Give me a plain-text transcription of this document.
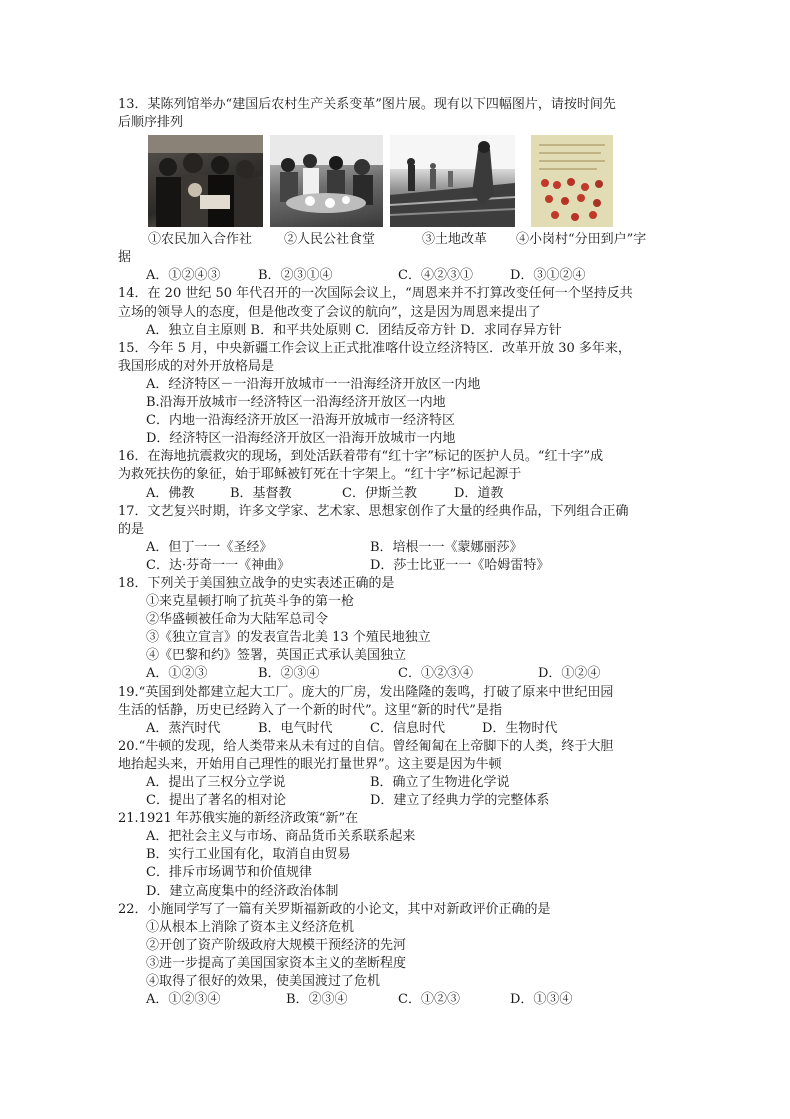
13．某陈列馆举办“建国后农村生产关系变革”图片展。现有以下四幅图片，请按时间先
后顺序排列
①农民加入合作社 ②人民公社食堂	③土地改革 ④小岗村“分田到户”字
据
A．①②④③	B．②③①④	C．④②③①	D．③①②④
14．在 20 世纪 50 年代召开的一次国际会议上，“周恩来并不打算改变任何一个坚持反共
立场的领导人的态度，但是他改变了会议的航向”，这是因为周恩来提出了
A．独立自主原则 B．和平共处原则 C．团结反帝方针 D．求同存异方针
15．今年 5 月，中央新疆工作会议上正式批准喀什设立经济特区．改革开放 30 多年来，
我国形成的对外开放格局是
A．经济特区－一沿海开放城市一一沿海经济开放区一内地
B.沿海开放城市一经济特区一沿海经济开放区一内地
C．内地一沿海经济开放区一沿海开放城市一经济特区
D．经济特区一沿海经济开放区一沿海开放城市一内地
16．在海地抗震救灾的现场，到处活跃着带有“红十字”标记的医护人员。“红十字”成
为救死扶伤的象征，始于耶稣被钉死在十字架上。“红十字”标记起源于
A．佛教	B．基督教	C．伊斯兰教	D．道教
17．文艺复兴时期，许多文学家、艺术家、思想家创作了大量的经典作品，下列组合正确
的是
A．但丁一一《圣经》	B．培根一一《蒙娜丽莎》
C．达·芬奇一一《神曲》	D．莎士比亚一一《哈姆雷特》
18．下列关于美国独立战争的史实表述正确的是
①来克星顿打响了抗英斗争的第一枪
②华盛顿被任命为大陆军总司令
③《独立宣言》的发表宣告北美 13 个殖民地独立
④《巴黎和约》签署，英国正式承认美国独立
A．①②③	B．②③④	C．①②③④	D．①②④
19.“英国到处都建立起大工厂。庞大的厂房，发出隆隆的轰鸣，打破了原来中世纪田园
生活的恬静，历史已经跨入了一个新的时代”。这里“新的时代”是指
A．蒸汽时代	B．电气时代	C．信息时代	D．生物时代
20.“牛顿的发现，给人类带来从未有过的自信。曾经匍匐在上帝脚下的人类，终于大胆
地抬起头来，开始用自己理性的眼光打量世界”。这主要是因为牛顿
A．提出了三权分立学说	B．确立了生物进化学说
C．提出了著名的相对论	D．建立了经典力学的完整体系
21.1921 年苏俄实施的新经济政策“新”在
A．把社会主义与市场、商品货币关系联系起来
B．实行工业国有化，取消自由贸易
C．排斥市场调节和价值规律
D．建立高度集中的经济政治体制
22．小施同学写了一篇有关罗斯福新政的小论文，其中对新政评价正确的是
①从根本上消除了资本主义经济危机
②开创了资产阶级政府大规模干预经济的先河
③进一步提高了美国国家资本主义的垄断程度
④取得了很好的效果，使美国渡过了危机
A．①②③④	B．②③④	C．①②③	D．①③④
